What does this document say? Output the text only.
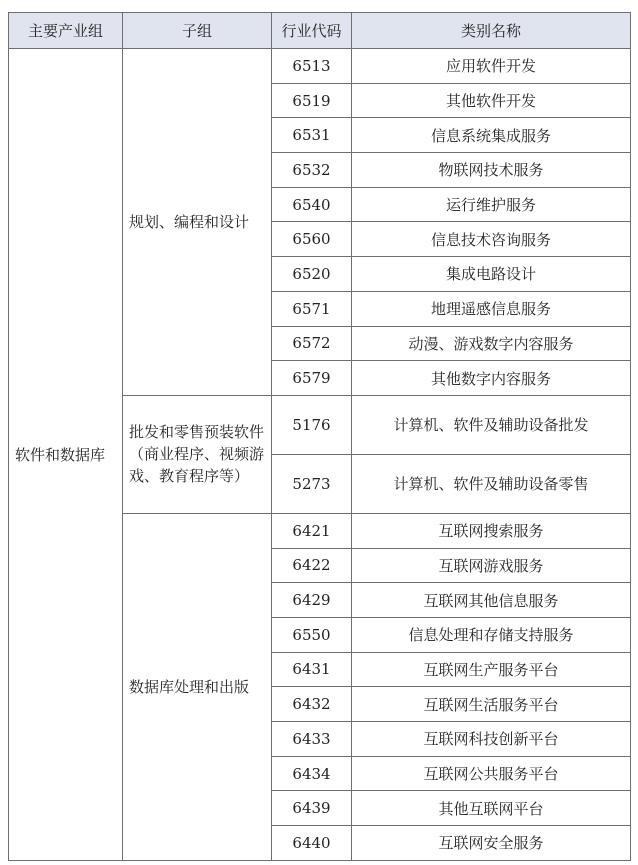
主要产业组	子组	行业代码	类别名称
软件和数据库	规划、编程和设计	6513	应用软件开发
		6519	其他软件开发
		6531	信息系统集成服务
		6532	物联网技术服务
		6540	运行维护服务
		6560	信息技术咨询服务
		6520	集成电路设计
		6571	地理遥感信息服务
		6572	动漫、游戏数字内容服务
		6579	其他数字内容服务
	批发和零售预装软件（商业程序、视频游戏、教育程序等）	5176	计算机、软件及辅助设备批发
		5273	计算机、软件及辅助设备零售
	数据库处理和出版	6421	互联网搜索服务
		6422	互联网游戏服务
		6429	互联网其他信息服务
		6550	信息处理和存储支持服务
		6431	互联网生产服务平台
		6432	互联网生活服务平台
		6433	互联网科技创新平台
		6434	互联网公共服务平台
		6439	其他互联网平台
		6440	互联网安全服务
